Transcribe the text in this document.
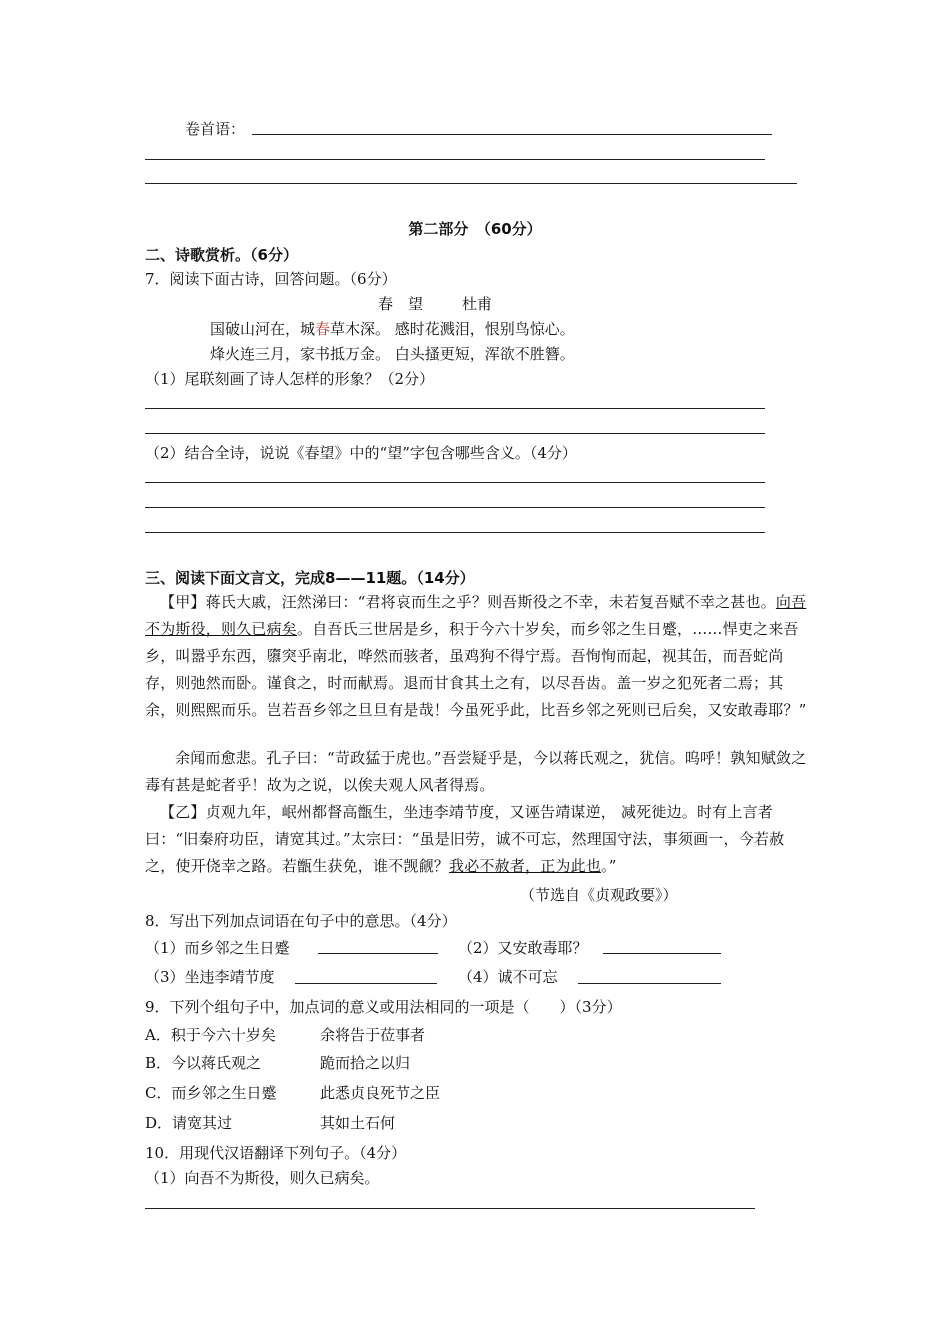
卷首语：
第二部分　（60分）
二、诗歌赏析。（6分）
7．阅读下面古诗，回答问题。（6分）
春　望	杜甫
国破山河在，城春草木深。 感时花溅泪，恨别鸟惊心。
烽火连三月，家书抵万金。 白头搔更短，浑欲不胜簪。
（1）尾联刻画了诗人怎样的形象？（2分）
（2）结合全诗，说说《春望》中的“望”字包含哪些含义。（4分）
三、阅读下面文言文，完成8——11题。（14分）
【甲】蒋氏大戚，汪然涕曰：“君将哀而生之乎？则吾斯役之不幸，未若复吾赋不幸之甚也。向吾不为斯役，则久已病矣。自吾氏三世居是乡，积于今六十岁矣，而乡邻之生日蹙，……悍吏之来吾乡，叫嚣乎东西，隳突乎南北，哗然而骇者，虽鸡狗不得宁焉。吾恂恂而起，视其缶，而吾蛇尚存，则弛然而卧。谨食之，时而献焉。退而甘食其土之有，以尽吾齿。盖一岁之犯死者二焉；其余，则熙熙而乐。岂若吾乡邻之旦旦有是哉！今虽死乎此，比吾乡邻之死则已后矣，又安敢毒耶？”
余闻而愈悲。孔子曰：“苛政猛于虎也。”吾尝疑乎是，今以蒋氏观之，犹信。呜呼！孰知赋敛之毒有甚是蛇者乎！故为之说，以俟夫观人风者得焉。
【乙】贞观九年，岷州都督高甑生，坐违李靖节度，又诬告靖谋逆， 减死徙边。时有上言者曰：“旧秦府功臣，请宽其过。”太宗曰：“虽是旧劳，诚不可忘，然理国守法，事须画一，今若赦之，使开侥幸之路。若甑生获免，谁不觊觎？我必不赦者，正为此也。”
（节选自《贞观政要》）
8．写出下列加点词语在句子中的意思。（4分）
（1）而乡邻之生日蹙	（2）又安敢毒耶？
（3）坐违李靖节度	（4）诚不可忘
9．下列个组句子中，加点词的意义或用法相同的一项是（　　）（3分）
A．积于今六十岁矣	余将告于莅事者
B．今以蒋氏观之	跪而拾之以归
C．而乡邻之生日蹙	此悉贞良死节之臣
D．请宽其过	其如土石何
10．用现代汉语翻译下列句子。（4分）
（1）向吾不为斯役，则久已病矣。
